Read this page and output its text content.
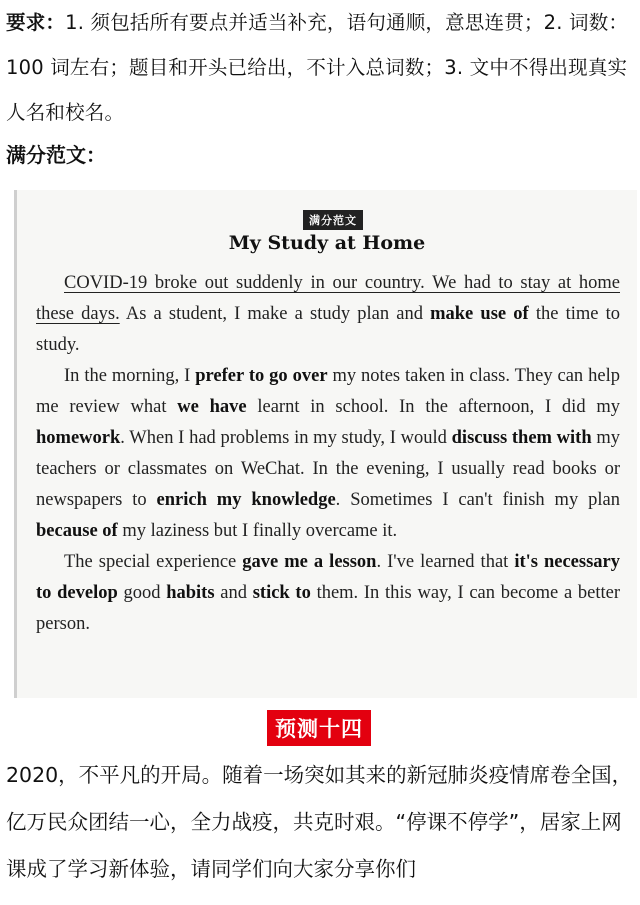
要求：1. 须包括所有要点并适当补充，语句通顺，意思连贯；2. 词数：100 词左右；题目和开头已给出，不计入总词数；3. 文中不得出现真实人名和校名。
满分范文：
满分范文
My Study at Home

COVID-19 broke out suddenly in our country. We had to stay at home these days. As a student, I make a study plan and make use of the time to study.

In the morning, I prefer to go over my notes taken in class. They can help me review what we have learnt in school. In the afternoon, I did my homework. When I had problems in my study, I would discuss them with my teachers or classmates on WeChat. In the evening, I usually read books or newspapers to enrich my knowledge. Sometimes I can't finish my plan because of my laziness but I finally overcame it.

The special experience gave me a lesson. I've learned that it's necessary to develop good habits and stick to them. In this way, I can become a better person.

预测十四
2020，不平凡的开局。随着一场突如其来的新冠肺炎疫情席卷全国，亿万民众团结一心，全力战疫，共克时艰。“停课不停学”，居家上网课成了学习新体验，请同学们向大家分享你们
